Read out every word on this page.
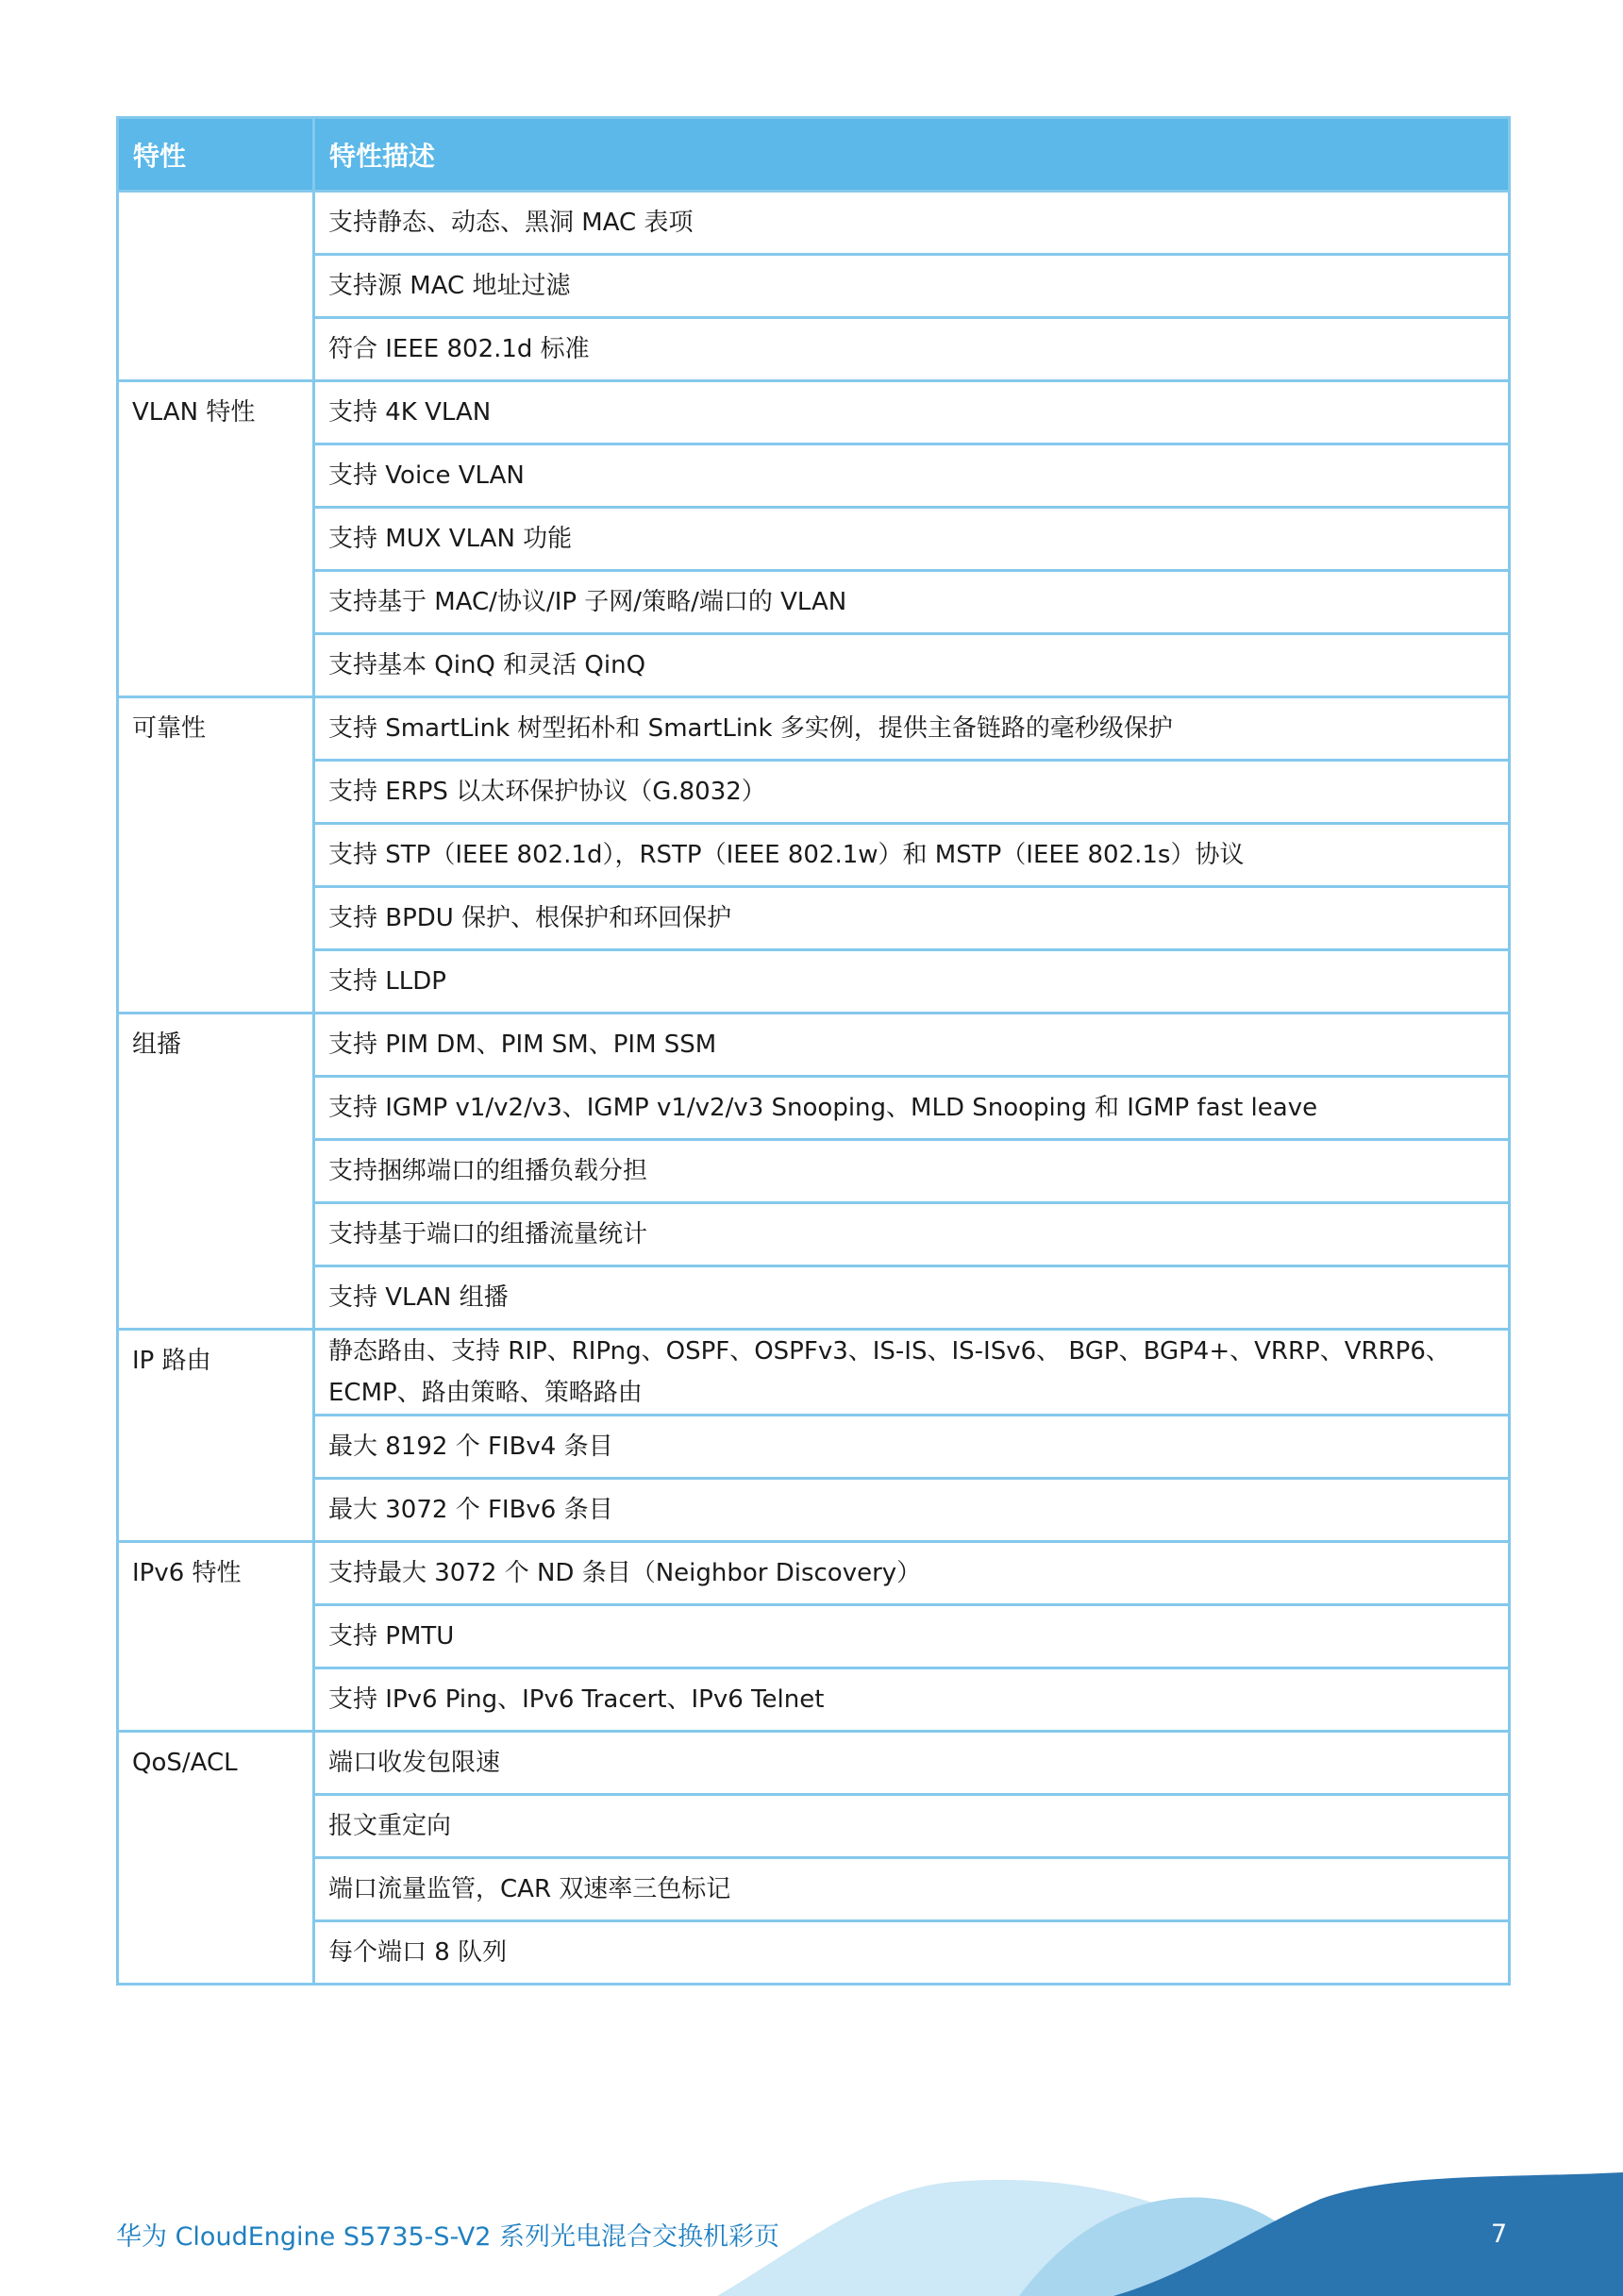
特性	特性描述
	支持静态、动态、黑洞 MAC 表项
	支持源 MAC 地址过滤
	符合 IEEE 802.1d 标准
VLAN 特性	支持 4K VLAN
	支持 Voice VLAN
	支持 MUX VLAN 功能
	支持基于 MAC/协议/IP 子网/策略/端口的 VLAN
	支持基本 QinQ 和灵活 QinQ
可靠性	支持 SmartLink 树型拓朴和 SmartLink 多实例，提供主备链路的毫秒级保护
	支持 ERPS 以太环保护协议（G.8032）
	支持 STP（IEEE 802.1d），RSTP（IEEE 802.1w）和 MSTP（IEEE 802.1s）协议
	支持 BPDU 保护、根保护和环回保护
	支持 LLDP
组播	支持 PIM DM、PIM SM、PIM SSM
	支持 IGMP v1/v2/v3、IGMP v1/v2/v3 Snooping、MLD Snooping 和 IGMP fast leave
	支持捆绑端口的组播负载分担
	支持基于端口的组播流量统计
	支持 VLAN 组播
IP 路由	静态路由、支持 RIP、RIPng、OSPF、OSPFv3、IS-IS、IS-ISv6、 BGP、BGP4+、VRRP、VRRP6、ECMP、路由策略、策略路由
	最大 8192 个 FIBv4 条目
	最大 3072 个 FIBv6 条目
IPv6 特性	支持最大 3072 个 ND 条目（Neighbor Discovery）
	支持 PMTU
	支持 IPv6 Ping、IPv6 Tracert、IPv6 Telnet
QoS/ACL	端口收发包限速
	报文重定向
	端口流量监管，CAR 双速率三色标记
	每个端口 8 队列
华为 CloudEngine S5735-S-V2 系列光电混合交换机彩页	7
